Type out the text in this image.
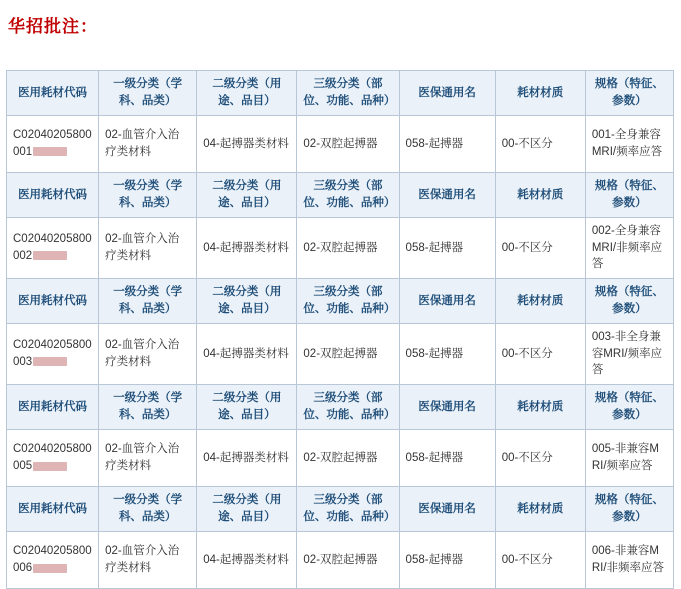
华招批注：
医用耗材代码	一级分类（学科、品类）	二级分类（用途、品目）	三级分类（部位、功能、品种）	医保通用名	耗材材质	规格（特征、参数）
C02040205800001	02-血管介入治疗类材料	04-起搏器类材料	02-双腔起搏器	058-起搏器	00-不区分	001-全身兼容MRI/频率应答
医用耗材代码	一级分类（学科、品类）	二级分类（用途、品目）	三级分类（部位、功能、品种）	医保通用名	耗材材质	规格（特征、参数）
C02040205800002	02-血管介入治疗类材料	04-起搏器类材料	02-双腔起搏器	058-起搏器	00-不区分	002-全身兼容MRI/非频率应答
医用耗材代码	一级分类（学科、品类）	二级分类（用途、品目）	三级分类（部位、功能、品种）	医保通用名	耗材材质	规格（特征、参数）
C02040205800003	02-血管介入治疗类材料	04-起搏器类材料	02-双腔起搏器	058-起搏器	00-不区分	003-非全身兼容MRI/频率应答
医用耗材代码	一级分类（学科、品类）	二级分类（用途、品目）	三级分类（部位、功能、品种）	医保通用名	耗材材质	规格（特征、参数）
C02040205800005	02-血管介入治疗类材料	04-起搏器类材料	02-双腔起搏器	058-起搏器	00-不区分	005-非兼容MRI/频率应答
医用耗材代码	一级分类（学科、品类）	二级分类（用途、品目）	三级分类（部位、功能、品种）	医保通用名	耗材材质	规格（特征、参数）
C02040205800006	02-血管介入治疗类材料	04-起搏器类材料	02-双腔起搏器	058-起搏器	00-不区分	006-非兼容MRI/非频率应答
